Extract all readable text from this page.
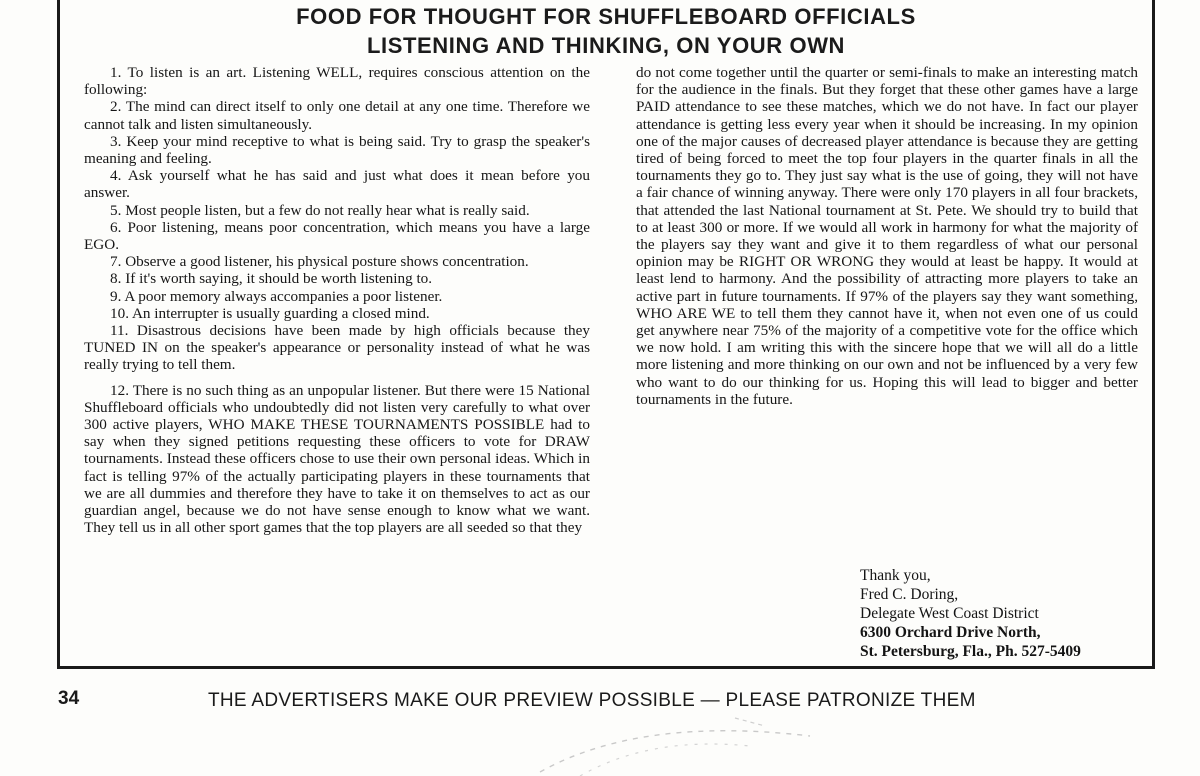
FOOD FOR THOUGHT FOR SHUFFLEBOARD OFFICIALS
LISTENING AND THINKING, ON YOUR OWN

1. To listen is an art. Listening WELL, requires conscious attention on the following:

2. The mind can direct itself to only one detail at any one time. Therefore we cannot talk and listen simultaneously.

3. Keep your mind receptive to what is being said. Try to grasp the speaker's meaning and feeling.

4. Ask yourself what he has said and just what does it mean before you answer.

5. Most people listen, but a few do not really hear what is really said.

6. Poor listening, means poor concentration, which means you have a large EGO.

7. Observe a good listener, his physical posture shows concentration.

8. If it's worth saying, it should be worth listening to.

9. A poor memory always accompanies a poor listener.

10. An interrupter is usually guarding a closed mind.

11. Disastrous decisions have been made by high officials because they TUNED IN on the speaker's appearance or personality instead of what he was really trying to tell them.

12. There is no such thing as an unpopular listener. But there were 15 National Shuffleboard officials who undoubtedly did not listen very carefully to what over 300 active players, WHO MAKE THESE TOURNAMENTS POSSIBLE had to say when they signed petitions requesting these officers to vote for DRAW tournaments. Instead these officers chose to use their own personal ideas. Which in fact is telling 97% of the actually participating players in these tournaments that we are all dummies and therefore they have to take it on themselves to act as our guardian angel, because we do not have sense enough to know what we want. They tell us in all other sport games that the top players are all seeded so that they

do not come together until the quarter or semi-finals to make an interesting match for the audience in the finals. But they forget that these other games have a large PAID attendance to see these matches, which we do not have. In fact our player attendance is getting less every year when it should be increasing. In my opinion one of the major causes of decreased player attendance is because they are getting tired of being forced to meet the top four players in the quarter finals in all the tournaments they go to. They just say what is the use of going, they will not have a fair chance of winning anyway. There were only 170 players in all four brackets, that attended the last National tournament at St. Pete. We should try to build that to at least 300 or more. If we would all work in harmony for what the majority of the players say they want and give it to them regardless of what our personal opinion may be RIGHT OR WRONG they would at least be happy. It would at least lend to harmony. And the possibility of attracting more players to take an active part in future tournaments. If 97% of the players say they want something, WHO ARE WE to tell them they cannot have it, when not even one of us could get anywhere near 75% of the majority of a competitive vote for the office which we now hold. I am writing this with the sincere hope that we will all do a little more listening and more thinking on our own and not be influenced by a very few who want to do our thinking for us. Hoping this will lead to bigger and better tournaments in the future.

Thank you,
Fred C. Doring,
Delegate West Coast District
6300 Orchard Drive North,
St. Petersburg, Fla., Ph. 527-5409
34	THE ADVERTISERS MAKE OUR PREVIEW POSSIBLE — PLEASE PATRONIZE THEM
